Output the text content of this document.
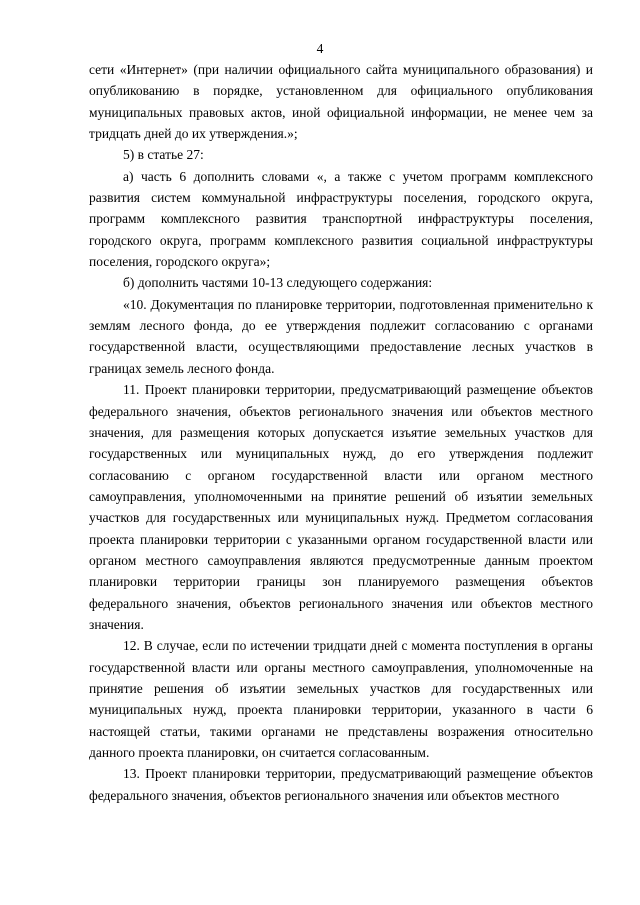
4

сети «Интернет» (при наличии официального сайта муниципального образования) и опубликованию в порядке, установленном для официального опубликования муниципальных правовых актов, иной официальной информации, не менее чем за тридцать дней до их утверждения.»;

5) в статье 27:

а) часть 6 дополнить словами «, а также с учетом программ комплексного развития систем коммунальной инфраструктуры поселения, городского округа, программ комплексного развития транспортной инфраструктуры поселения, городского округа, программ комплексного развития социальной инфраструктуры поселения, городского округа»;

б) дополнить частями 10-13 следующего содержания:

«10. Документация по планировке территории, подготовленная применительно к землям лесного фонда, до ее утверждения подлежит согласованию с органами государственной власти, осуществляющими предоставление лесных участков в границах земель лесного фонда.

11. Проект планировки территории, предусматривающий размещение объектов федерального значения, объектов регионального значения или объектов местного значения, для размещения которых допускается изъятие земельных участков для государственных или муниципальных нужд, до его утверждения подлежит согласованию с органом государственной власти или органом местного самоуправления, уполномоченными на принятие решений об изъятии земельных участков для государственных или муниципальных нужд. Предметом согласования проекта планировки территории с указанными органом государственной власти или органом местного самоуправления являются предусмотренные данным проектом планировки территории границы зон планируемого размещения объектов федерального значения, объектов регионального значения или объектов местного значения.

12. В случае, если по истечении тридцати дней с момента поступления в органы государственной власти или органы местного самоуправления, уполномоченные на принятие решения об изъятии земельных участков для государственных или муниципальных нужд, проекта планировки территории, указанного в части 6 настоящей статьи, такими органами не представлены возражения относительно данного проекта планировки, он считается согласованным.

13. Проект планировки территории, предусматривающий размещение объектов федерального значения, объектов регионального значения или объектов местного
